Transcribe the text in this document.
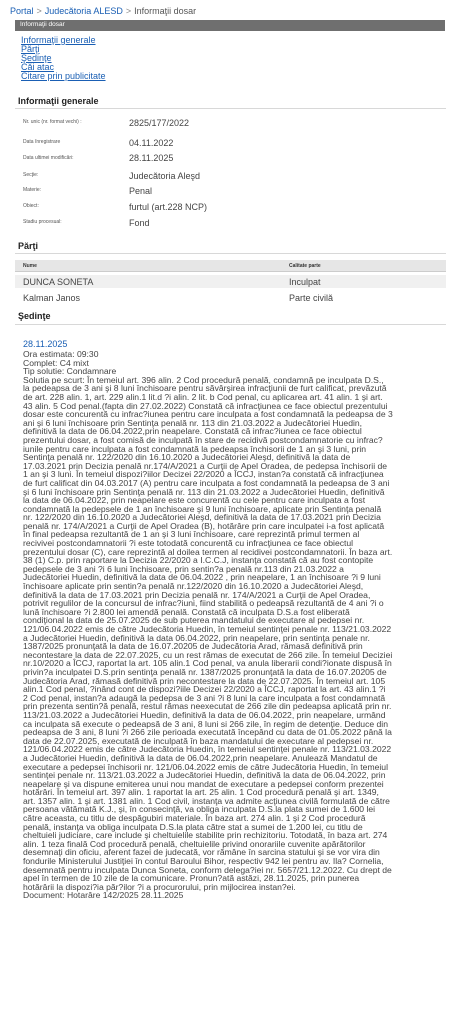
Portal > Judecătoria ALESD > Informaţii dosar
Informaţii dosar
Informaţii generale
Părţi
Şedinţe
Căi atac
Citare prin publicitate
Informaţii generale
Nr. unic (nr. format vechi) :	2825/177/2022
Data înregistrare	04.11.2022
Data ultimei modificări:	28.11.2025
Secţie:	Judecătoria Aleşd
Materie:	Penal
Obiect:	furtul (art.228 NCP)
Stadiu procesual:	Fond
Părţi
Nume	Calitate parte
DUNCA SONETA	Inculpat
Kalman Janos	Parte civilă
Şedinţe
28.11.2025
Ora estimata: 09:30
Complet: C4 mixt
Tip solutie: Condamnare
Solutia pe scurt: În temeiul art. 396 alin. 2 Cod procedură penală, condamnă pe inculpata D.S.,
la pedeapsa de 3 ani şi 8 luni închisoare pentru săvârşirea infracţiunii de furt calificat, prevăzută
de art. 228 alin. 1, art. 229 alin.1 lit.d ?i alin. 2 lit. b Cod penal, cu aplicarea art. 41 alin. 1 şi art.
43 alin. 5 Cod penal.(fapta din 27.02.2022) Constată că infracţiunea ce face obiectul prezentului
dosar este concurentă cu infrac?iunea pentru care inculpata a fost condamnată la pedeapsa de 3
ani şi 6 luni închisoare prin Sentinţa penală nr. 113 din 21.03.2022 a Judecătoriei Huedin,
definitivă la data de 06.04.2022,prin neapelare. Constată că infrac?iunea ce face obiectul
prezentului dosar, a fost comisă de inculpată în stare de recidivă postcondamnatorie cu infrac?
iunile pentru care inculpata a fost condamnată la pedeapsa închisorii de 1 an şi 3 luni, prin
Sentinţa penală nr. 122/2020 din 16.10.2020 a Judecătoriei Aleşd, definitivă la data de
17.03.2021 prin Decizia penală nr.174/A/2021 a Curţii de Apel Oradea, de pedepsa închisorii de
1 an şi 3 luni. În temeiul dispozi?iilor Decizei 22/2020 a ÎCCJ, instan?a constată că infracţiunea
de furt calificat din 04.03.2017 (A) pentru care inculpata a fost condamnată la pedeapsa de 3 ani
şi 6 luni închisoare prin Sentinţa penală nr. 113 din 21.03.2022 a Judecătoriei Huedin, definitivă
la data de 06.04.2022, prin neapelare este concurentă cu cele pentru care inculpata a fost
condamnată la pedepsele de 1 an închisoare şi 9 luni închisoare, aplicate prin Sentinţa penală
nr. 122/2020 din 16.10.2020 a Judecătoriei Aleşd, definitivă la data de 17.03.2021 prin Decizia
penală nr. 174/A/2021 a Curţii de Apel Oradea (B), hotărâre prin care inculpatei i-a fost aplicată
în final pedeapsa rezultantă de 1 an şi 3 luni închisoare, care reprezintă primul termen al
recivivei postcondamnatorii ?i este totodată concurentă cu infracţiunea ce face obiectul
prezentului dosar (C), care reprezintă al doilea termen al recidivei postcondamnatorii. În baza art.
38 (1) C.p. prin raportare la Decizia 22/2020 a I.C.C.J, instanţa constată că au fost contopite
pedepsele de 3 ani ?i 6 luni închisoare, prin sentin?a penală nr.113 din 21.03.2022 a
Judecătoriei Huedin, definitivă la data de 06.04.2022 , prin neapelare, 1 an închisoare ?i 9 luni
închisoare aplicate prin sentin?a penală nr.122/2020 din 16.10.2020 a Judecătoriei Aleşd,
definitivă la data de 17.03.2021 prin Decizia penală nr. 174/A/2021 a Curţii de Apel Oradea,
potrivit regulilor de la concursul de infrac?iuni, fiind stabilită o pedeapsă rezultantă de 4 ani ?i o
lună închisoare ?i 2.800 lei amendă penală. Constată că inculpata D.S.a fost eliberată
condiţional la data de 25.07.2025 de sub puterea mandatului de executare al pedepsei nr.
121/06.04.2022 emis de către Judecătoria Huedin, în temeiul sentinţei penale nr. 113/21.03.2022
a Judecătoriei Huedin, definitivă la data 06.04.2022, prin neapelare, prin sentinţa penale nr.
1387/2025 pronunţată la data de 16.07.20205 de Judecătoria Arad, rămasă definitivă prin
necontestare la data de 22.07.2025, cu un rest rămas de executat de 266 zile. În temeiul Deciziei
nr.10/2020 a ÎCCJ, raportat la art. 105 alin.1 Cod penal, va anula liberarii condi?ionate dispusă în
privin?a inculpatei D.S.prin sentinţa penală nr. 1387/2025 pronunţată la data de 16.07.20205 de
Judecătoria Arad, rămasă definitivă prin necontestare la data de 22.07.2025. În temeiul art. 105
alin.1 Cod penal, ?inând cont de dispozi?iile Decizei 22/2020 a ÎCCJ, raportat la art. 43 alin.1 ?i
2 Cod penal, instan?a adaugă la pedepsa de 3 ani ?i 8 luni la care inculpata a fost condamnată
prin prezenta sentin?ă penală, restul rămas neexecutat de 266 zile din pedeapsa aplicată prin nr.
113/21.03.2022 a Judecătoriei Huedin, definitivă la data de 06.04.2022, prin neapelare, urmând
ca inculpata să execute o pedeapsă de 3 ani, 8 luni si 266 zile, în regim de detenţie. Deduce din
pedeapsa de 3 ani, 8 luni ?i 266 zile perioada executată începând cu data de 01.05.2022 până la
data de 22.07.2025, executată de inculpată în baza mandatului de executare al pedepsei nr.
121/06.04.2022 emis de către Judecătoria Huedin, în temeiul sentinţei penale nr. 113/21.03.2022
a Judecătoriei Huedin, definitivă la data de 06.04.2022,prin neapelare. Anulează Mandatul de
executare a pedepsei închisorii nr. 121/06.04.2022 emis de către Judecătoria Huedin, în temeiul
sentinţei penale nr. 113/21.03.2022 a Judecătoriei Huedin, definitivă la data de 06.04.2022, prin
neapelare şi va dispune emiterea unui nou mandat de executare a pedepsei conform prezentei
hotărâri. În temeiul art. 397 alin. 1 raportat la art. 25 alin. 1 Cod procedură penală şi art. 1349,
art. 1357 alin. 1 şi art. 1381 alin. 1 Cod civil, instanţa va admite acţiunea civilă formulată de către
persoana vătămată K.J., şi, în consecinţă, va obliga inculpata D.S.la plata sumei de 1.600 lei
către aceasta, cu titlu de despăgubiri materiale. În baza art. 274 alin. 1 şi 2 Cod procedură
penală, instanţa va obliga inculpata D.S.la plata către stat a sumei de 1.200 lei, cu titlu de
cheltuieli judiciare, care include şi cheltuielile stabilite prin rechizitoriu. Totodată, în baza art. 274
alin. 1 teza finală Cod procedură penală, cheltuielile privind onorariile cuvenite apărătorilor
desemnaţi din oficiu, aferent fazei de judecată, vor rămâne în sarcina statului şi se vor vira din
fondurile Ministerului Justiţiei în contul Baroului Bihor, respectiv 942 lei pentru av. Ila? Cornelia,
desemnată pentru inculpata Dunca Soneta, conform delega?iei nr. 5657/21.12.2022. Cu drept de
apel în termen de 10 zile de la comunicare. Pronun?ată astăzi, 28.11.2025, prin punerea
hotărârii la dispozi?ia păr?ilor ?i a procurorului, prin mijlocirea instan?ei.
Document: Hotarâre 142/2025 28.11.2025
